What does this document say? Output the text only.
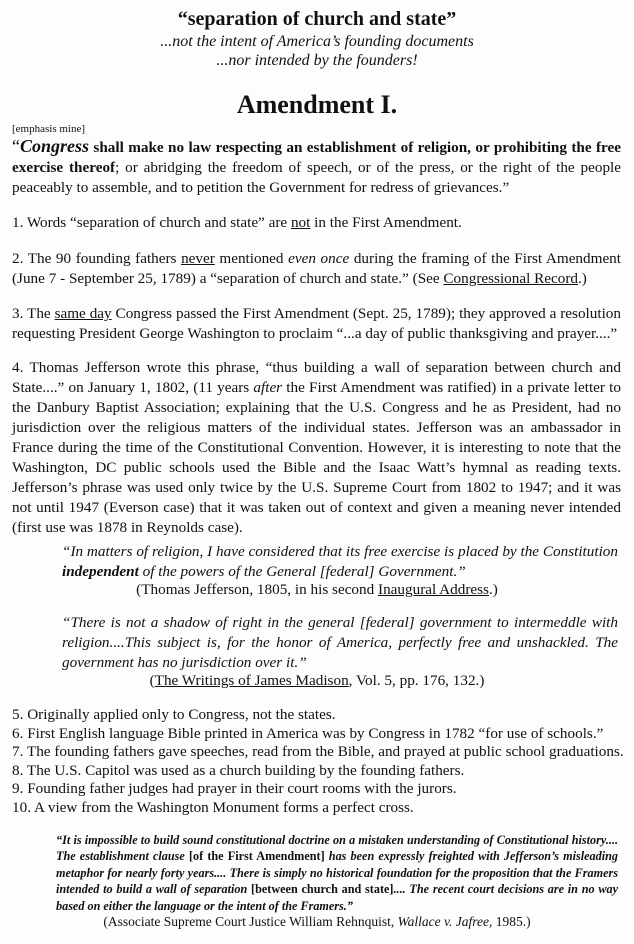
“separation of church and state”
...not the intent of America’s founding documents
...nor intended by the founders!
Amendment I.
[emphasis mine]

“Congress shall make no law respecting an establishment of religion, or prohibiting the free exercise thereof; or abridging the freedom of speech, or of the press, or the right of the people peaceably to assemble, and to petition the Government for redress of grievances.”

1. Words “separation of church and state” are not in the First Amendment.

2. The 90 founding fathers never mentioned even once during the framing of the First Amendment (June 7 - September 25, 1789) a “separation of church and state.” (See Congressional Record.)

3. The same day Congress passed the First Amendment (Sept. 25, 1789); they approved a resolution requesting President George Washington to proclaim “...a day of public thanksgiving and prayer....”

4. Thomas Jefferson wrote this phrase, “thus building a wall of separation between church and State....” on January 1, 1802, (11 years after the First Amendment was ratified) in a private letter to the Danbury Baptist Association; explaining that the U.S. Congress and he as President, had no jurisdiction over the religious matters of the individual states. Jefferson was an ambassador in France during the time of the Constitutional Convention. However, it is interesting to note that the Washington, DC public schools used the Bible and the Isaac Watt’s hymnal as reading texts. Jefferson’s phrase was used only twice by the U.S. Supreme Court from 1802 to 1947; and it was not until 1947 (Everson case) that it was taken out of context and given a meaning never intended (first use was 1878 in Reynolds case).

“In matters of religion, I have considered that its free exercise is placed by the Constitution independent of the powers of the General [federal] Government.”

(Thomas Jefferson, 1805, in his second Inaugural Address.)

“There is not a shadow of right in the general [federal] government to intermeddle with religion....This subject is, for the honor of America, perfectly free and unshackled. The government has no jurisdiction over it.”

(The Writings of James Madison, Vol. 5, pp. 176, 132.)

5. Originally applied only to Congress, not the states.
6. First English language Bible printed in America was by Congress in 1782 “for use of schools.”
7. The founding fathers gave speeches, read from the Bible, and prayed at public school graduations.
8. The U.S. Capitol was used as a church building by the founding fathers.
9. Founding father judges had prayer in their court rooms with the jurors.
10. A view from the Washington Monument forms a perfect cross.

“It is impossible to build sound constitutional doctrine on a mistaken understanding of Constitutional history.... The establishment clause [of the First Amendment] has been expressly freighted with Jefferson’s misleading metaphor for nearly forty years.... There is simply no historical foundation for the proposition that the Framers intended to build a wall of separation [between church and state].... The recent court decisions are in no way based on either the language or the intent of the Framers.”

(Associate Supreme Court Justice William Rehnquist, Wallace v. Jafree, 1985.)
